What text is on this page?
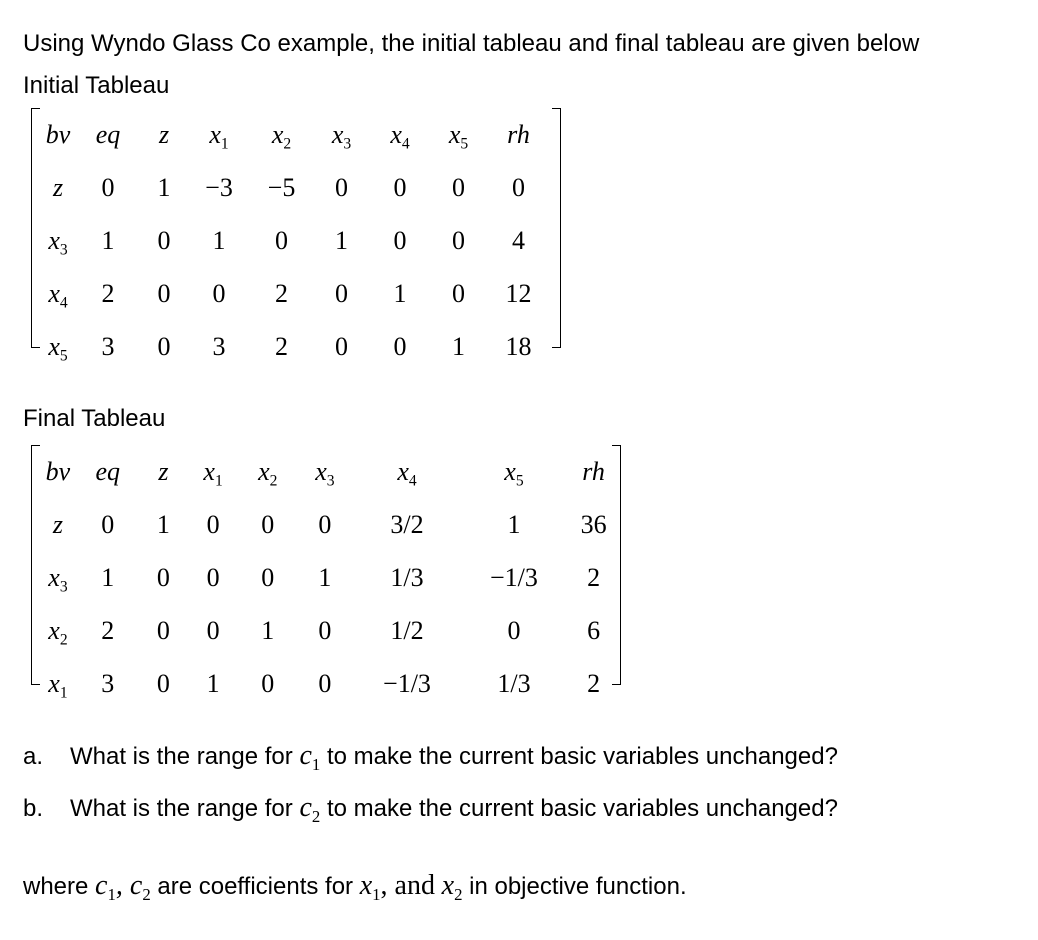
Using Wyndo Glass Co example, the initial tableau and final tableau are given below
Initial Tableau
bv	eq	z	$x_1$	$x_2$	$x_3$	$x_4$	$x_5$	rh
z	0	1	−3	−5	0	0	0	0
$x_3$	1	0	1	0	1	0	0	4
$x_4$	2	0	0	2	0	1	0	12
$x_5$	3	0	3	2	0	0	1	18
Final Tableau
bv	eq	z	$x_1$	$x_2$	$x_3$	$x_4$	$x_5$	rh
z	0	1	0	0	0	3/2	1	36
$x_3$	1	0	0	0	1	1/3	−1/3	2
$x_2$	2	0	0	1	0	1/2	0	6
$x_1$	3	0	1	0	0	−1/3	1/3	2
a. What is the range for $c_1$ to make the current basic variables unchanged?
b. What is the range for $c_2$ to make the current basic variables unchanged?
where $c_1$, $c_2$ are coefficients for $x_1$, and $x_2$ in objective function.
